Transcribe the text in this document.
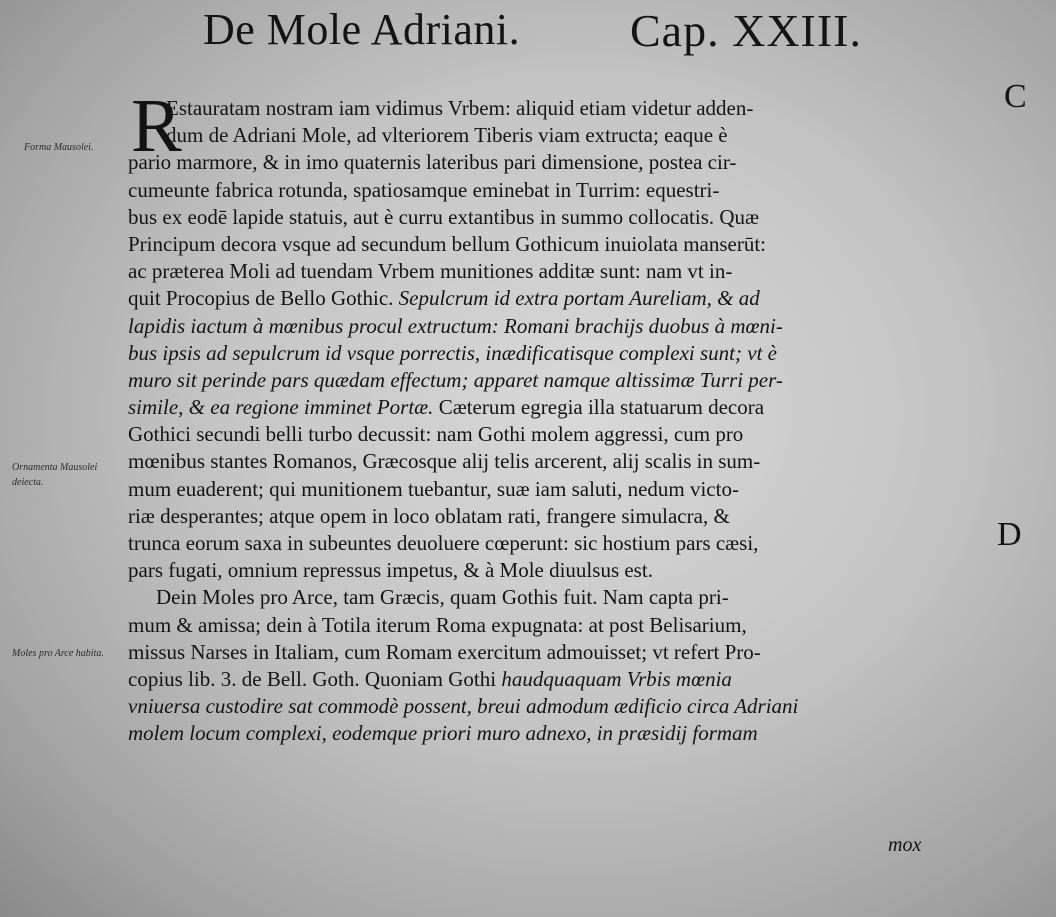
De Mole Adriani. Cap. XXIII.
C
D
Forma Mausolei.
Ornamenta Mausolei deiecta.
Moles pro Arce habita.
R
Estauratam nostram iam vidimus Vrbem: aliquid etiam videtur adden-
dum de Adriani Mole, ad vlteriorem Tiberis viam extructa; eaque è
pario marmore, & in imo quaternis lateribus pari dimensione, postea cir-
cumeunte fabrica rotunda, spatiosamque eminebat in Turrim: equestri-
bus ex eodē lapide statuis, aut è curru extantibus in summo collocatis. Quæ
Principum decora vsque ad secundum bellum Gothicum inuiolata manserūt:
ac præterea Moli ad tuendam Vrbem munitiones additæ sunt: nam vt in-
quit Procopius de Bello Gothic. Sepulcrum id extra portam Aureliam, & ad
lapidis iactum à mœnibus procul extructum: Romani brachijs duobus à mœni-
bus ipsis ad sepulcrum id vsque porrectis, inædificatisque complexi sunt; vt è
muro sit perinde pars quædam effectum; apparet namque altissimæ Turri per-
simile, & ea regione imminet Portæ. Cæterum egregia illa statuarum decora
Gothici secundi belli turbo decussit: nam Gothi molem aggressi, cum pro
mœnibus stantes Romanos, Græcosque alij telis arcerent, alij scalis in sum-
mum euaderent; qui munitionem tuebantur, suæ iam saluti, nedum victo-
riæ desperantes; atque opem in loco oblatam rati, frangere simulacra, &
trunca eorum saxa in subeuntes deuoluere cœperunt: sic hostium pars cæsi,
pars fugati, omnium repressus impetus, & à Mole diuulsus est.
Dein Moles pro Arce, tam Græcis, quam Gothis fuit. Nam capta pri-
mum & amissa; dein à Totila iterum Roma expugnata: at post Belisarium,
missus Narses in Italiam, cum Romam exercitum admouisset; vt refert Pro-
copius lib. 3. de Bell. Goth. Quoniam Gothi haudquaquam Vrbis mœnia
vniuersa custodire sat commodè possent, breui admodum ædificio circa Adriani
molem locum complexi, eodemque priori muro adnexo, in præsidij formam
mox
